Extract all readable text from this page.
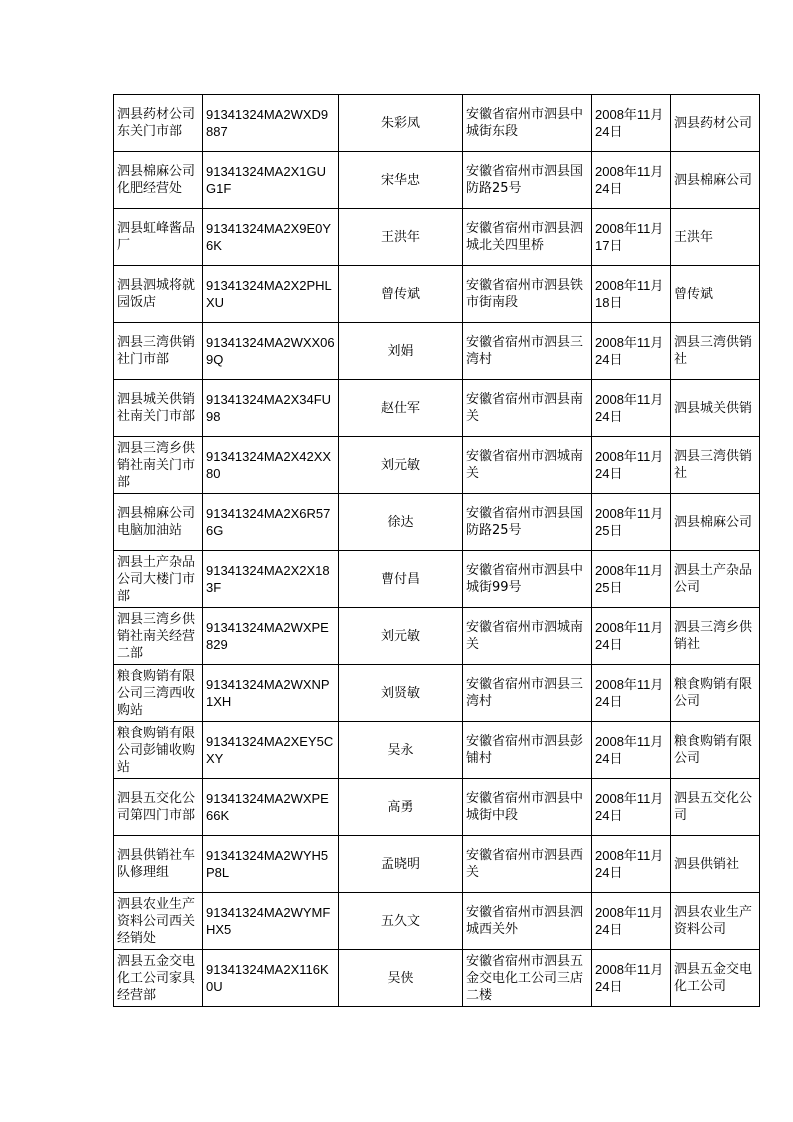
泗县药材公司东关门市部	91341324MA2WXD9887	朱彩凤	安徽省宿州市泗县中城街东段	2008年11月24日	泗县药材公司
泗县棉麻公司化肥经营处	91341324MA2X1GUG1F	宋华忠	安徽省宿州市泗县国防路25号	2008年11月24日	泗县棉麻公司
泗县虹峰酱品厂	91341324MA2X9E0Y6K	王洪年	安徽省宿州市泗县泗城北关四里桥	2008年11月17日	王洪年
泗县泗城将就园饭店	91341324MA2X2PHLXU	曾传斌	安徽省宿州市泗县铁市街南段	2008年11月18日	曾传斌
泗县三湾供销社门市部	91341324MA2WXX069Q	刘娟	安徽省宿州市泗县三湾村	2008年11月24日	泗县三湾供销社
泗县城关供销社南关门市部	91341324MA2X34FU98	赵仕军	安徽省宿州市泗县南关	2008年11月24日	泗县城关供销
泗县三湾乡供销社南关门市部	91341324MA2X42XX80	刘元敏	安徽省宿州市泗城南关	2008年11月24日	泗县三湾供销社
泗县棉麻公司电脑加油站	91341324MA2X6R576G	徐达	安徽省宿州市泗县国防路25号	2008年11月25日	泗县棉麻公司
泗县土产杂品公司大楼门市部	91341324MA2X2X183F	曹付昌	安徽省宿州市泗县中城街99号	2008年11月25日	泗县土产杂品公司
泗县三湾乡供销社南关经营二部	91341324MA2WXPE829	刘元敏	安徽省宿州市泗城南关	2008年11月24日	泗县三湾乡供销社
粮食购销有限公司三湾西收购站	91341324MA2WXNP1XH	刘贤敏	安徽省宿州市泗县三湾村	2008年11月24日	粮食购销有限公司
粮食购销有限公司彭铺收购站	91341324MA2XEY5CXY	吴永	安徽省宿州市泗县彭铺村	2008年11月24日	粮食购销有限公司
泗县五交化公司第四门市部	91341324MA2WXPE66K	高勇	安徽省宿州市泗县中城街中段	2008年11月24日	泗县五交化公司
泗县供销社车队修理组	91341324MA2WYH5P8L	孟晓明	安徽省宿州市泗县西关	2008年11月24日	泗县供销社
泗县农业生产资料公司西关经销处	91341324MA2WYMFHX5	五久文	安徽省宿州市泗县泗城西关外	2008年11月24日	泗县农业生产资料公司
泗县五金交电化工公司家具经营部	91341324MA2X116K0U	吴侠	安徽省宿州市泗县五金交电化工公司三店二楼	2008年11月24日	泗县五金交电化工公司
